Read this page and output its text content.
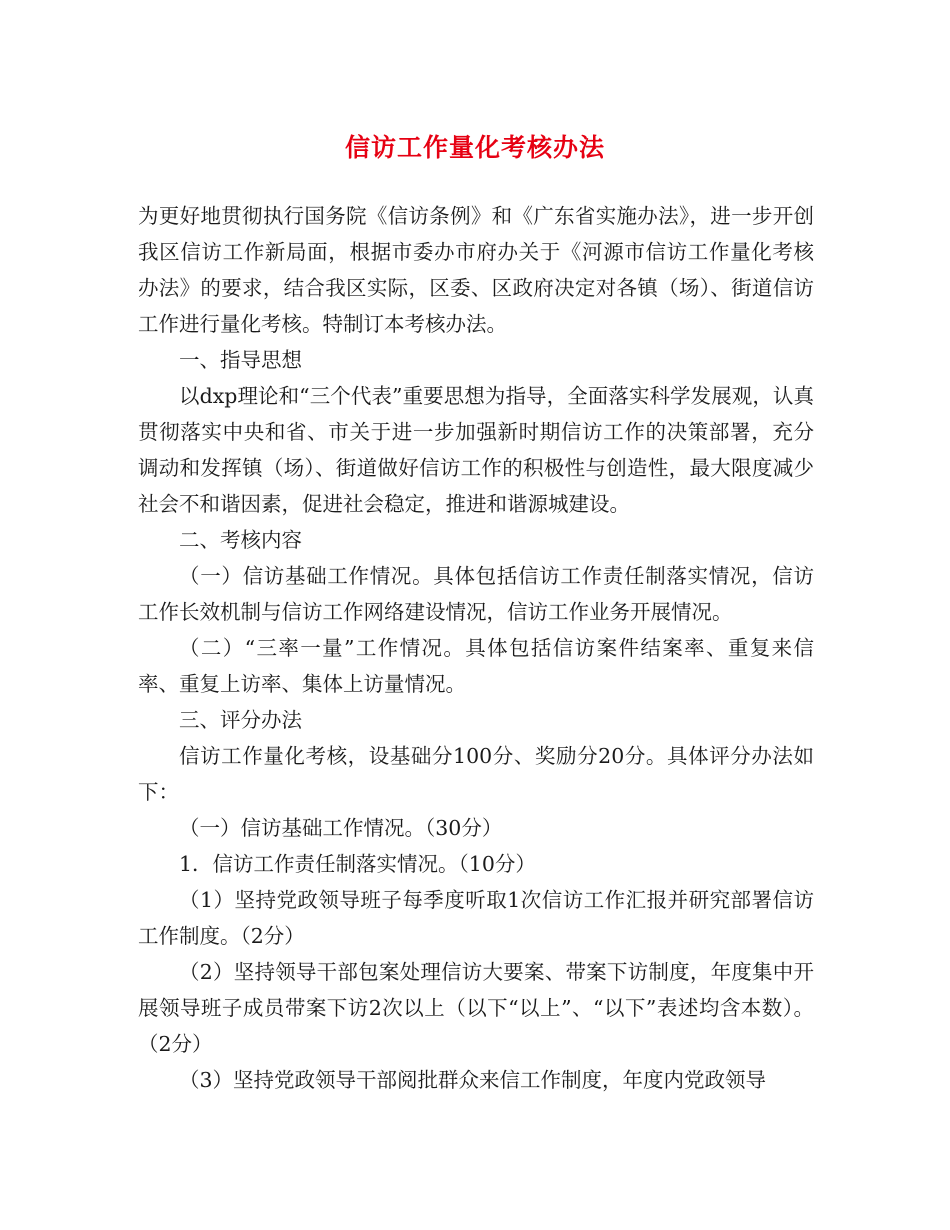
信访工作量化考核办法

为更好地贯彻执行国务院《信访条例》和《广东省实施办法》，进一步开创我区信访工作新局面，根据市委办市府办关于《河源市信访工作量化考核办法》的要求，结合我区实际，区委、区政府决定对各镇（场）、街道信访工作进行量化考核。特制订本考核办法。

一、指导思想

以dxp理论和“三个代表”重要思想为指导，全面落实科学发展观，认真贯彻落实中央和省、市关于进一步加强新时期信访工作的决策部署，充分调动和发挥镇（场）、街道做好信访工作的积极性与创造性，最大限度减少社会不和谐因素，促进社会稳定，推进和谐源城建设。

二、考核内容

（一）信访基础工作情况。具体包括信访工作责任制落实情况，信访工作长效机制与信访工作网络建设情况，信访工作业务开展情况。

（二）“三率一量”工作情况。具体包括信访案件结案率、重复来信率、重复上访率、集体上访量情况。

三、评分办法

信访工作量化考核，设基础分100分、奖励分20分。具体评分办法如下：

（一）信访基础工作情况。（30分）

1．信访工作责任制落实情况。（10分）

（1）坚持党政领导班子每季度听取1次信访工作汇报并研究部署信访工作制度。（2分）

（2）坚持领导干部包案处理信访大要案、带案下访制度，年度集中开展领导班子成员带案下访2次以上（以下“以上”、“以下”表述均含本数）。（2分）

（3）坚持党政领导干部阅批群众来信工作制度，年度内党政领导
